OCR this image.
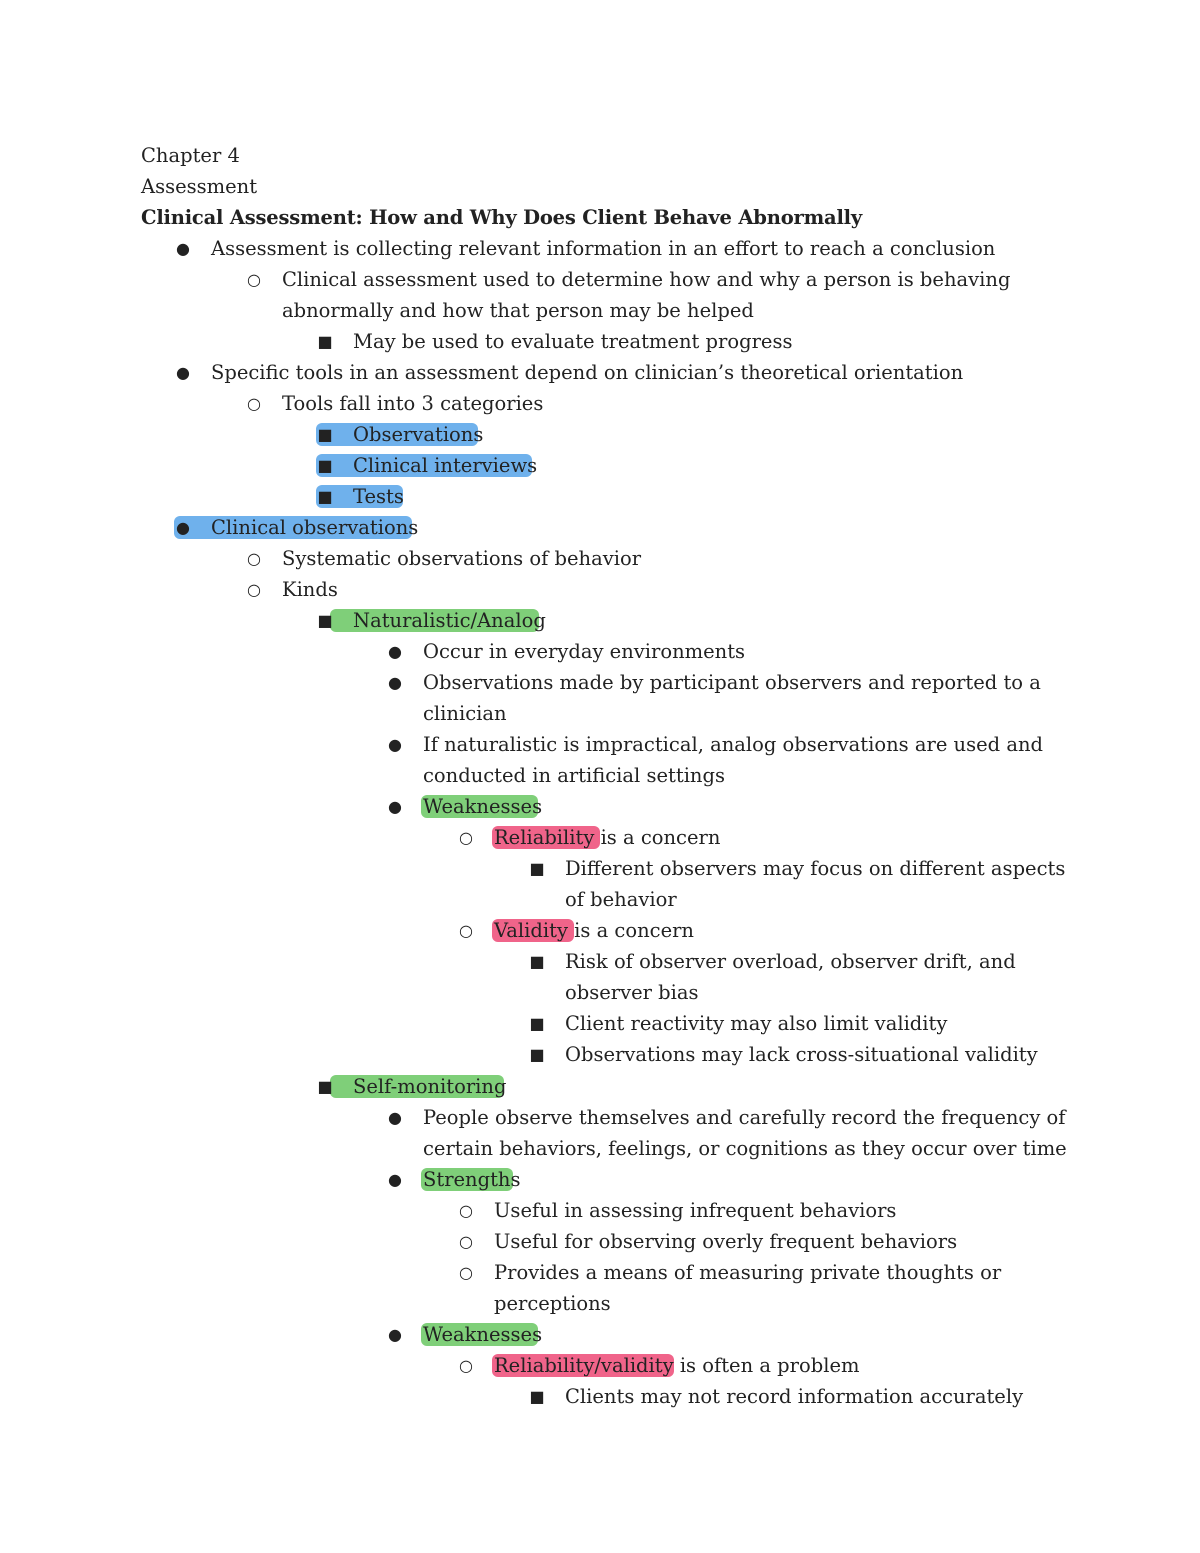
Chapter 4
Assessment
Clinical Assessment: How and Why Does Client Behave Abnormally
● Assessment is collecting relevant information in an effort to reach a conclusion
○ Clinical assessment used to determine how and why a person is behaving
abnormally and how that person may be helped
■ May be used to evaluate treatment progress
● Specific tools in an assessment depend on clinician’s theoretical orientation
○ Tools fall into 3 categories
■ Observations
■ Clinical interviews
■ Tests
● Clinical observations
○ Systematic observations of behavior
○ Kinds
■ Naturalistic/Analog
● Occur in everyday environments
● Observations made by participant observers and reported to a
clinician
● If naturalistic is impractical, analog observations are used and
conducted in artificial settings
● Weaknesses
○ Reliability is a concern
■ Different observers may focus on different aspects
of behavior
○ Validity is a concern
■ Risk of observer overload, observer drift, and
observer bias
■ Client reactivity may also limit validity
■ Observations may lack cross-situational validity
■ Self-monitoring
● People observe themselves and carefully record the frequency of
certain behaviors, feelings, or cognitions as they occur over time
● Strengths
○ Useful in assessing infrequent behaviors
○ Useful for observing overly frequent behaviors
○ Provides a means of measuring private thoughts or
perceptions
● Weaknesses
○ Reliability/validity is often a problem
■ Clients may not record information accurately
